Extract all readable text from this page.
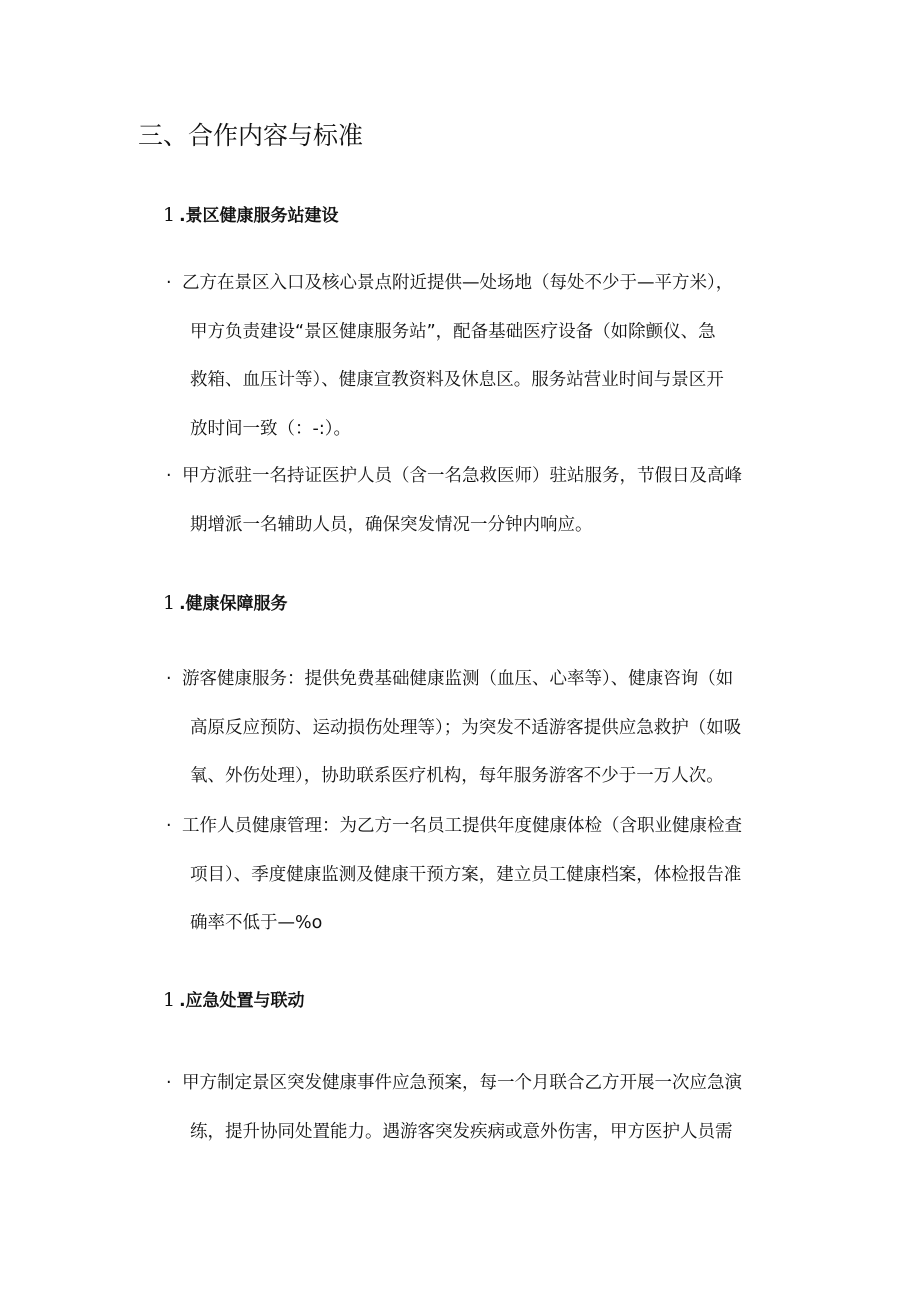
三、合作内容与标准
1 .景区健康服务站建设
· 乙方在景区入口及核心景点附近提供—处场地（每处不少于—平方米），
甲方负责建设“景区健康服务站”，配备基础医疗设备（如除颤仪、急
救箱、血压计等）、健康宣教资料及休息区。服务站营业时间与景区开
放时间一致（：-:）。
· 甲方派驻一名持证医护人员（含一名急救医师）驻站服务，节假日及高峰
期增派一名辅助人员，确保突发情况一分钟内响应。
1 .健康保障服务
· 游客健康服务：提供免费基础健康监测（血压、心率等）、健康咨询（如
高原反应预防、运动损伤处理等）；为突发不适游客提供应急救护（如吸
氧、外伤处理），协助联系医疗机构，每年服务游客不少于一万人次。
· 工作人员健康管理：为乙方一名员工提供年度健康体检（含职业健康检查
项目）、季度健康监测及健康干预方案，建立员工健康档案，体检报告准
确率不低于—%o
1 .应急处置与联动
· 甲方制定景区突发健康事件应急预案，每一个月联合乙方开展一次应急演
练，提升协同处置能力。遇游客突发疾病或意外伤害，甲方医护人员需
